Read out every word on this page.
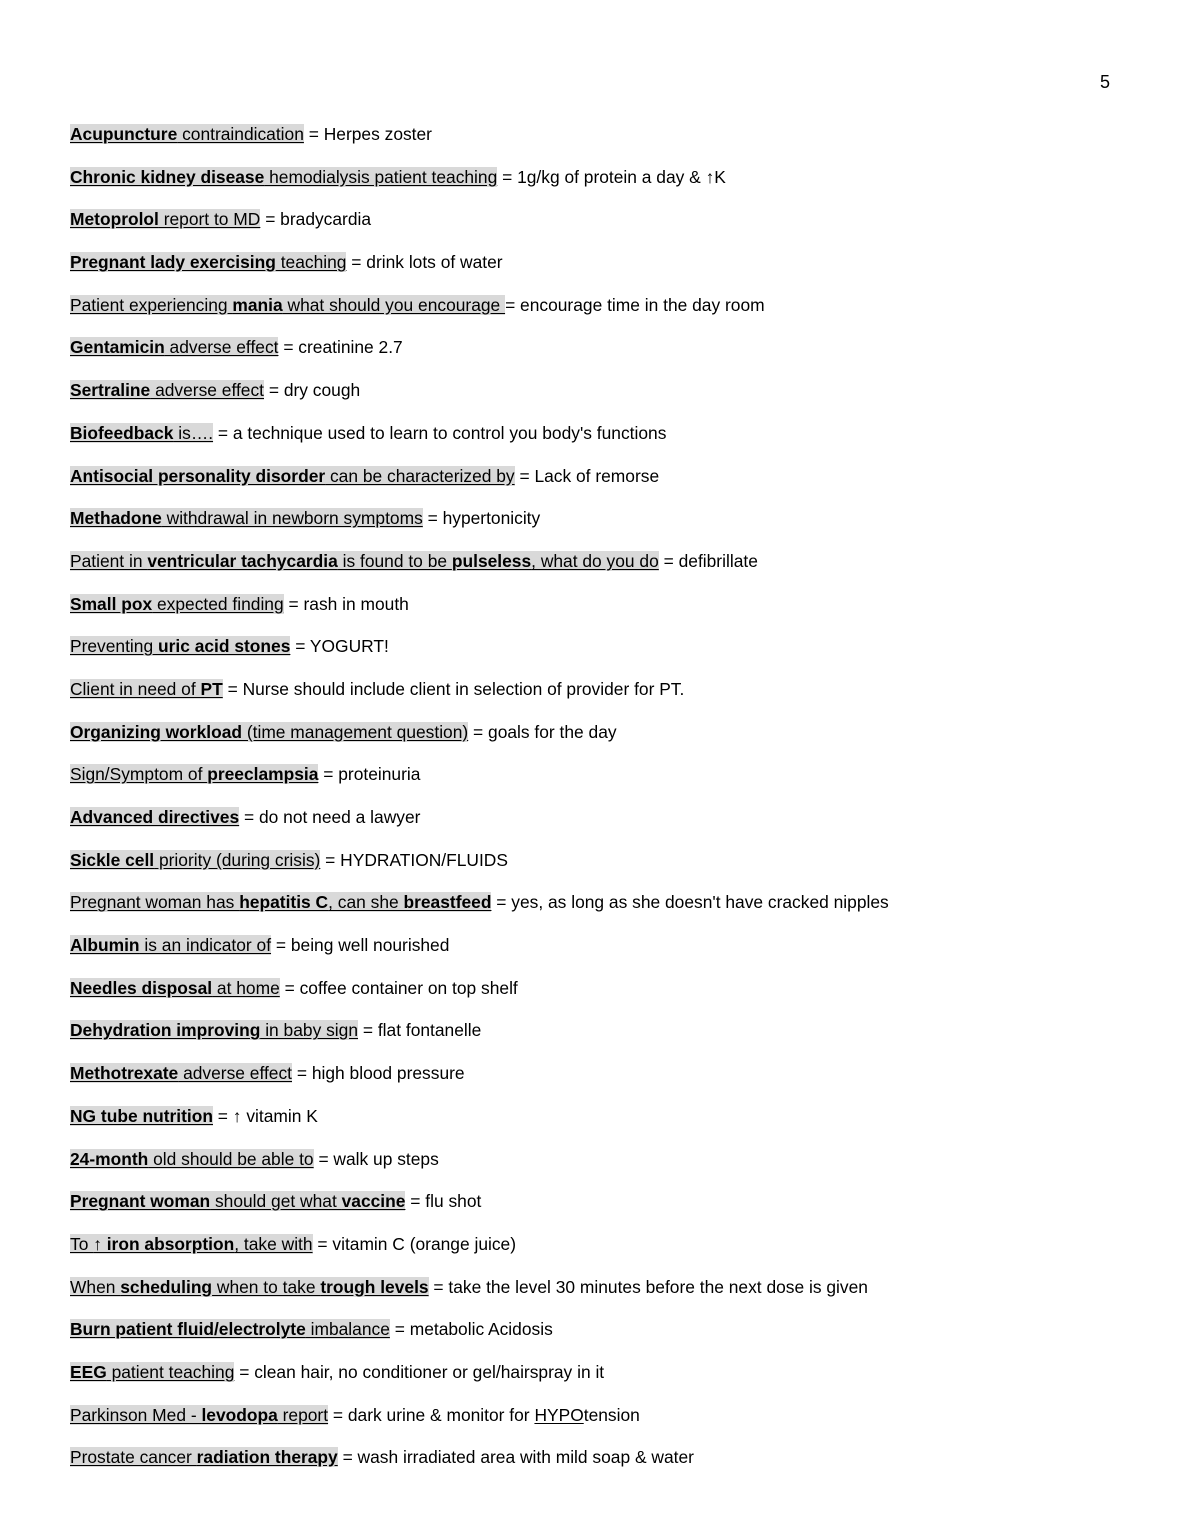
5
Acupuncture contraindication = Herpes zoster
Chronic kidney disease hemodialysis patient teaching = 1g/kg of protein a day & ↑K
Metoprolol report to MD = bradycardia
Pregnant lady exercising teaching = drink lots of water
Patient experiencing mania what should you encourage = encourage time in the day room
Gentamicin adverse effect = creatinine 2.7
Sertraline adverse effect = dry cough
Biofeedback is…. = a technique used to learn to control you body's functions
Antisocial personality disorder can be characterized by = Lack of remorse
Methadone withdrawal in newborn symptoms = hypertonicity
Patient in ventricular tachycardia is found to be pulseless, what do you do = defibrillate
Small pox expected finding = rash in mouth
Preventing uric acid stones = YOGURT!
Client in need of PT = Nurse should include client in selection of provider for PT.
Organizing workload (time management question) = goals for the day
Sign/Symptom of preeclampsia = proteinuria
Advanced directives = do not need a lawyer
Sickle cell priority (during crisis) = HYDRATION/FLUIDS
Pregnant woman has hepatitis C, can she breastfeed = yes, as long as she doesn't have cracked nipples
Albumin is an indicator of = being well nourished
Needles disposal at home = coffee container on top shelf
Dehydration improving in baby sign = flat fontanelle
Methotrexate adverse effect = high blood pressure
NG tube nutrition = ↑ vitamin K
24-month old should be able to = walk up steps
Pregnant woman should get what vaccine = flu shot
To ↑ iron absorption, take with = vitamin C (orange juice)
When scheduling when to take trough levels = take the level 30 minutes before the next dose is given
Burn patient fluid/electrolyte imbalance = metabolic Acidosis
EEG patient teaching = clean hair, no conditioner or gel/hairspray in it
Parkinson Med - levodopa report = dark urine & monitor for HYPOtension
Prostate cancer radiation therapy = wash irradiated area with mild soap & water
